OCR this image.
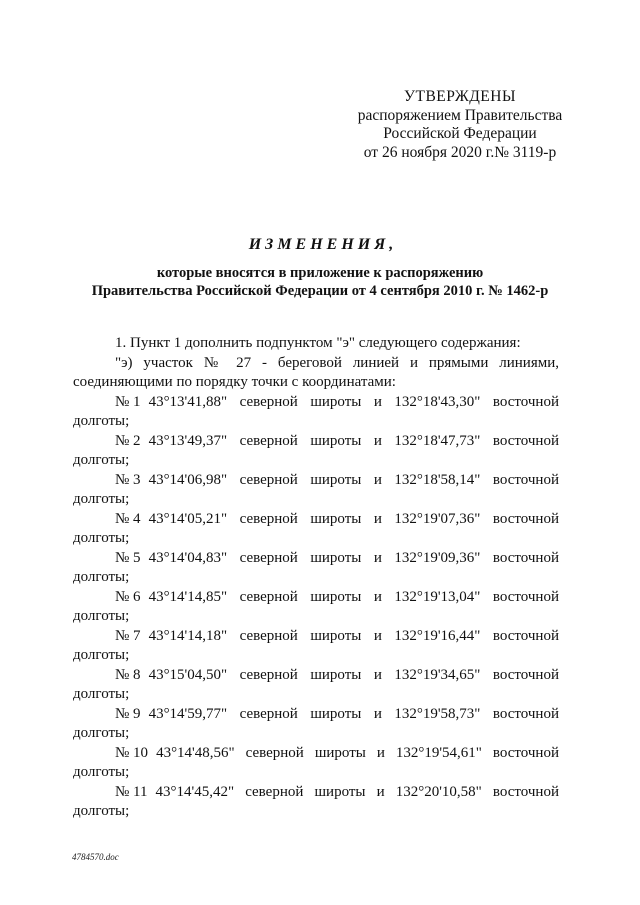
УТВЕРЖДЕНЫ
распоряжением Правительства
Российской Федерации
от 26 ноября 2020 г.№ 3119-р
ИЗМЕНЕНИЯ,
которые вносятся в приложение к распоряжению
Правительства Российской Федерации от 4 сентября 2010 г. № 1462-р

1. Пункт 1 дополнить подпунктом "э" следующего содержания:

"э) участок № 27 - береговой линией и прямыми линиями,

соединяющими по порядку точки с координатами:

№ 1 43°13'41,88" северной широты и 132°18'43,30" восточной

долготы;

№ 2 43°13'49,37" северной широты и 132°18'47,73" восточной

долготы;

№ 3 43°14'06,98" северной широты и 132°18'58,14" восточной

долготы;

№ 4 43°14'05,21" северной широты и 132°19'07,36" восточной

долготы;

№ 5 43°14'04,83" северной широты и 132°19'09,36" восточной

долготы;

№ 6 43°14'14,85" северной широты и 132°19'13,04" восточной

долготы;

№ 7 43°14'14,18" северной широты и 132°19'16,44" восточной

долготы;

№ 8 43°15'04,50" северной широты и 132°19'34,65" восточной

долготы;

№ 9 43°14'59,77" северной широты и 132°19'58,73" восточной

долготы;

№ 10 43°14'48,56" северной широты и 132°19'54,61" восточной

долготы;

№ 11 43°14'45,42" северной широты и 132°20'10,58" восточной

долготы;

4784570.doc
